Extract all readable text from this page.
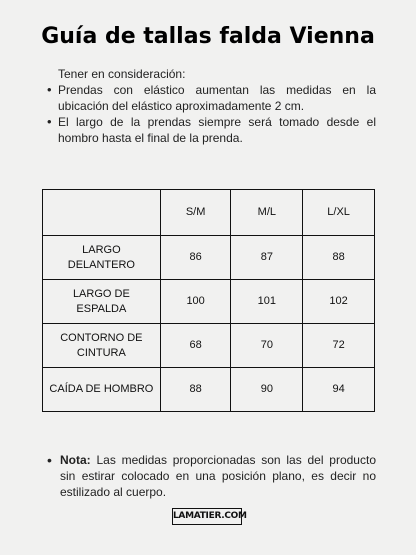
Guía de tallas falda Vienna

Tener en consideración:

• Prendas con elástico aumentan las medidas en la ubicación del elástico aproximadamente 2 cm.
• El largo de la prendas siempre será tomado desde el hombro hasta el final de la prenda.
	S/M	M/L	L/XL
LARGO DELANTERO	86	87	88
LARGO DE ESPALDA	100	101	102
CONTORNO DE CINTURA	68	70	72
CAÍDA DE HOMBRO	88	90	94
• Nota: Las medidas proporcionadas son las del producto sin estirar colocado en una posición plano, es decir no estilizado al cuerpo.
LAMATIER.COM
